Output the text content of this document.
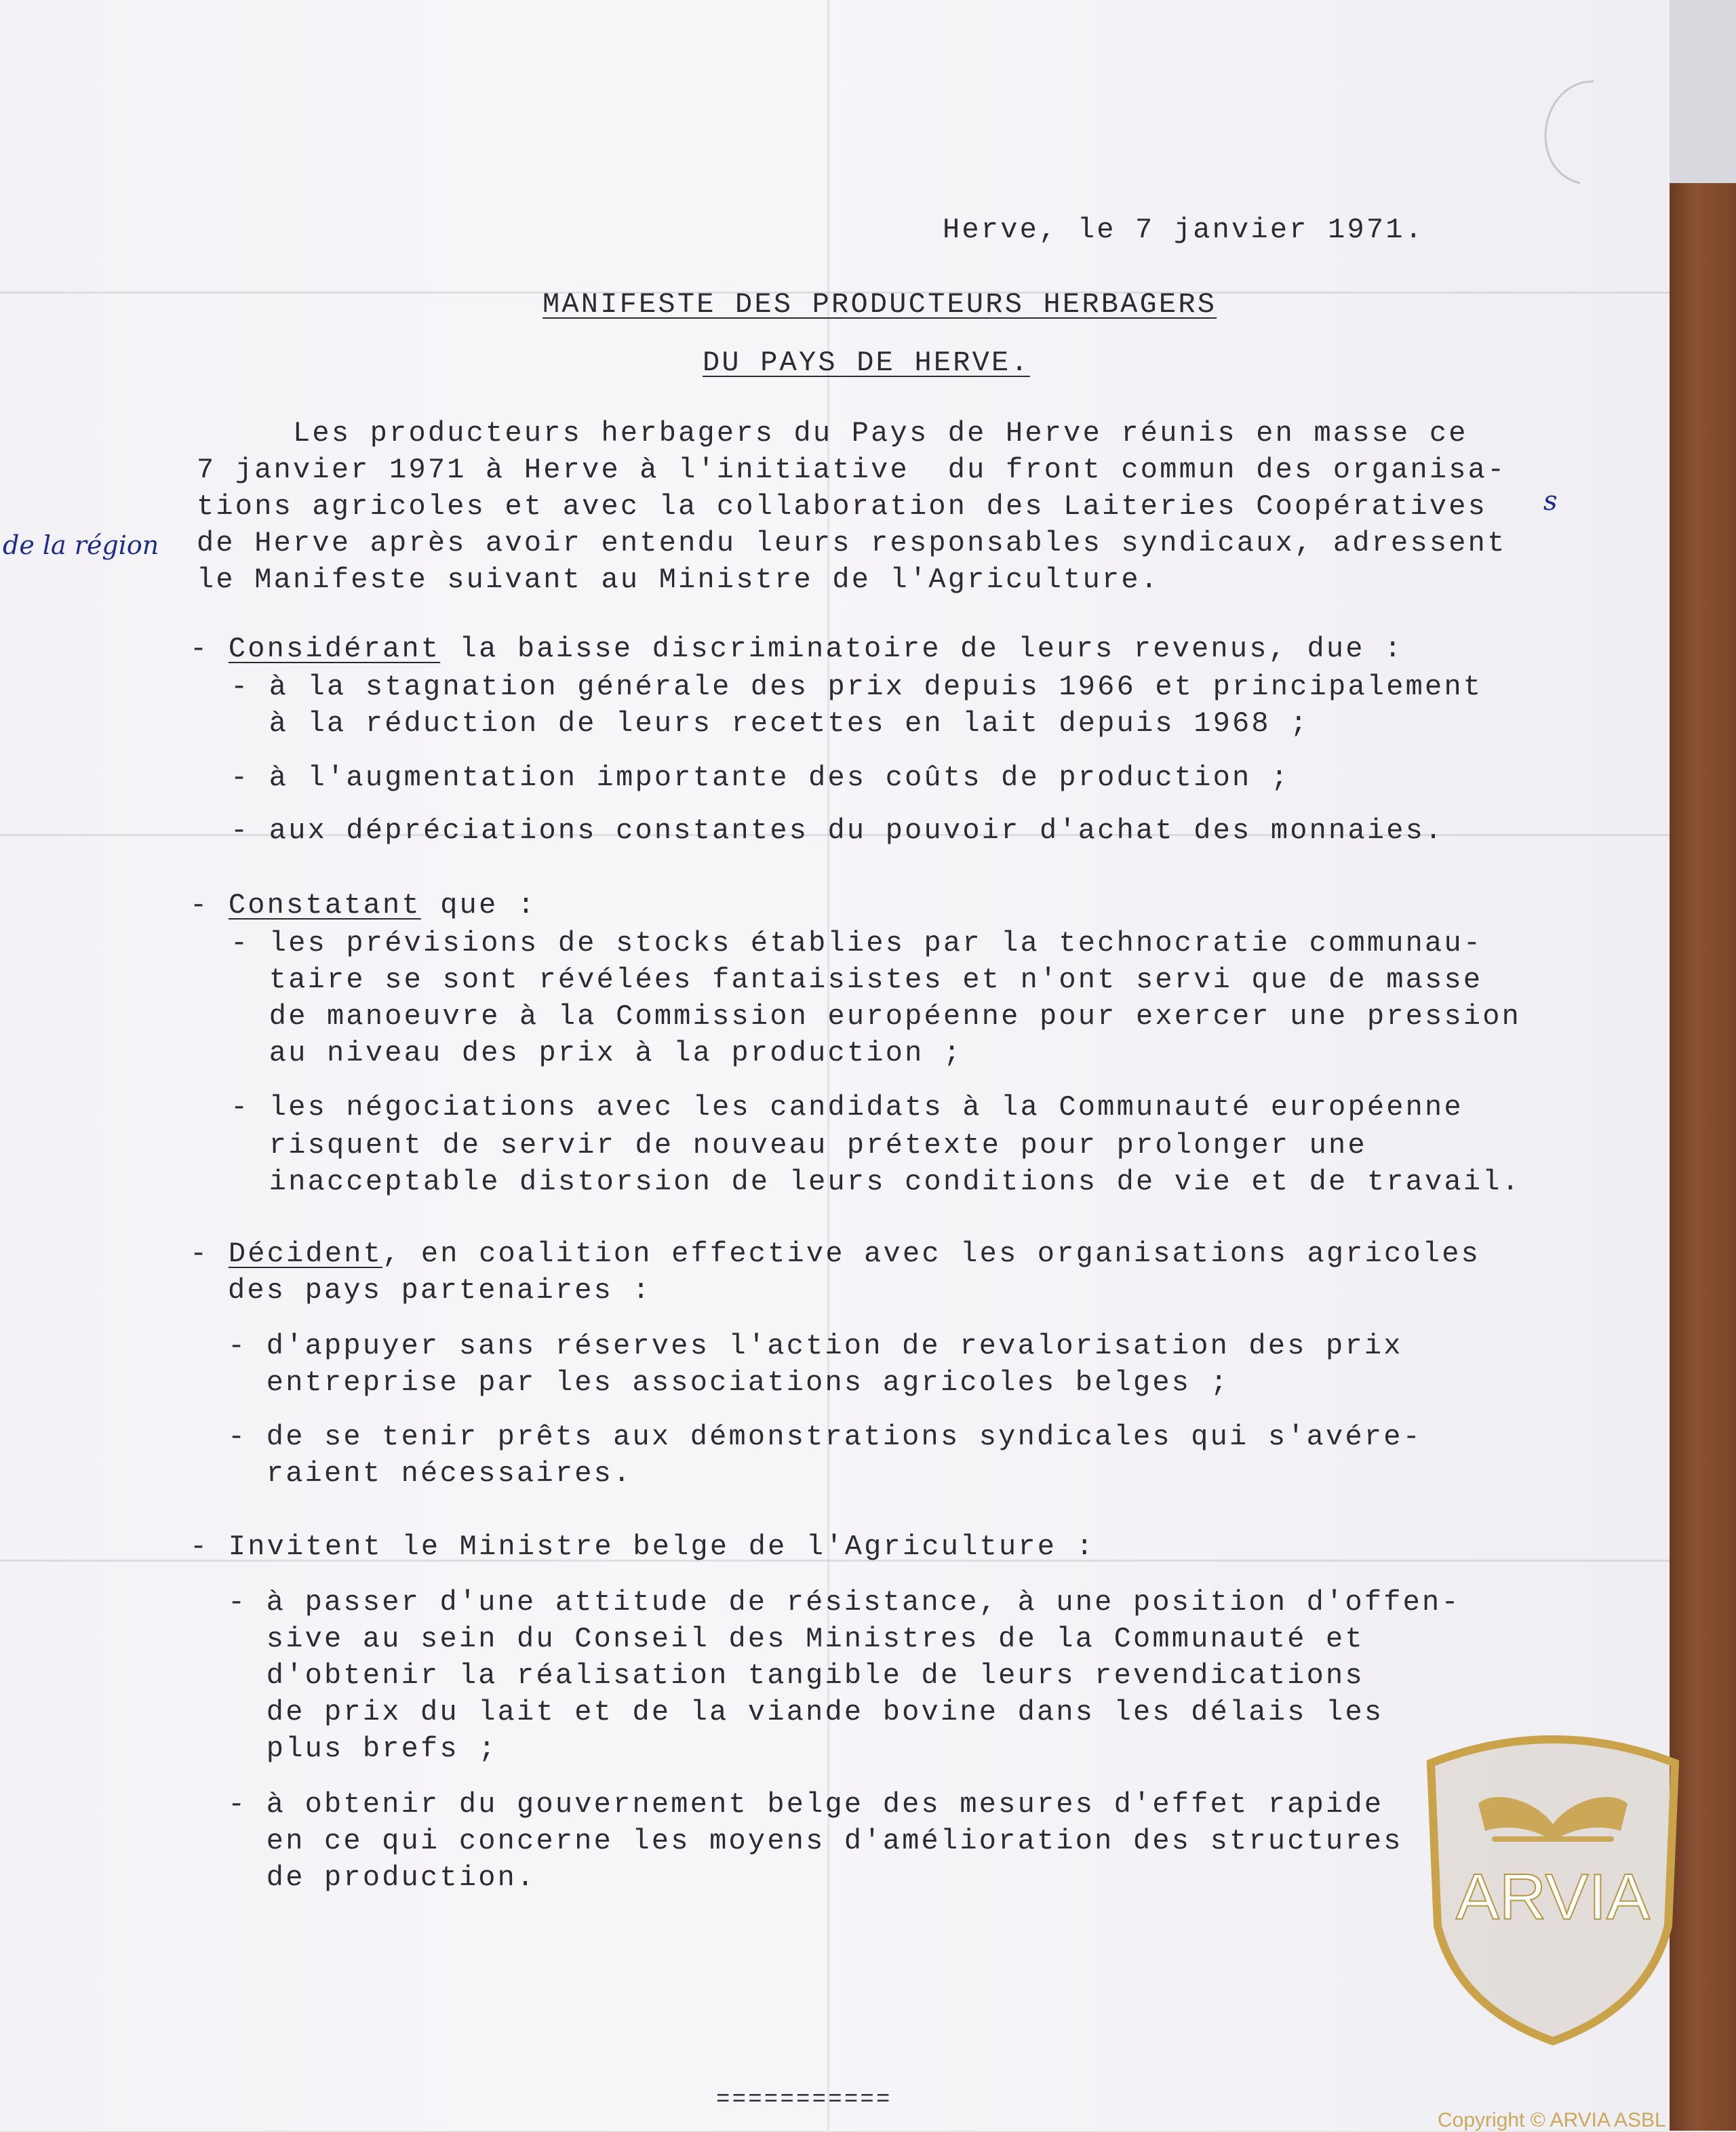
Herve, le 7 janvier 1971.
MANIFESTE DES PRODUCTEURS HERBAGERS
DU PAYS DE HERVE.
Les producteurs herbagers du Pays de Herve réunis en masse ce
7 janvier 1971 à Herve à l'initiative  du front commun des organisa-
tions agricoles et avec la collaboration des Laiteries Coopératives
de Herve après avoir entendu leurs responsables syndicaux, adressent
le Manifeste suivant au Ministre de l'Agriculture.
de la région
s
- Considérant la baisse discriminatoire de leurs revenus, due :
- à la stagnation générale des prix depuis 1966 et principalement
à la réduction de leurs recettes en lait depuis 1968 ;
- à l'augmentation importante des coûts de production ;
- aux dépréciations constantes du pouvoir d'achat des monnaies.
- Constatant que :
- les prévisions de stocks établies par la technocratie communau-
taire se sont révélées fantaisistes et n'ont servi que de masse
de manoeuvre à la Commission européenne pour exercer une pression
au niveau des prix à la production ;
- les négociations avec les candidats à la Communauté européenne
risquent de servir de nouveau prétexte pour prolonger une
inacceptable distorsion de leurs conditions de vie et de travail.
- Décident, en coalition effective avec les organisations agricoles
des pays partenaires :
- d'appuyer sans réserves l'action de revalorisation des prix
entreprise par les associations agricoles belges ;
- de se tenir prêts aux démonstrations syndicales qui s'avére-
raient nécessaires.
- Invitent le Ministre belge de l'Agriculture :
- à passer d'une attitude de résistance, à une position d'offen-
sive au sein du Conseil des Ministres de la Communauté et
d'obtenir la réalisation tangible de leurs revendications
de prix du lait et de la viande bovine dans les délais les
plus brefs ;
- à obtenir du gouvernement belge des mesures d'effet rapide
en ce qui concerne les moyens d'amélioration des structures
de production.
===========
ARVIA
Copyright © ARVIA ASBL
